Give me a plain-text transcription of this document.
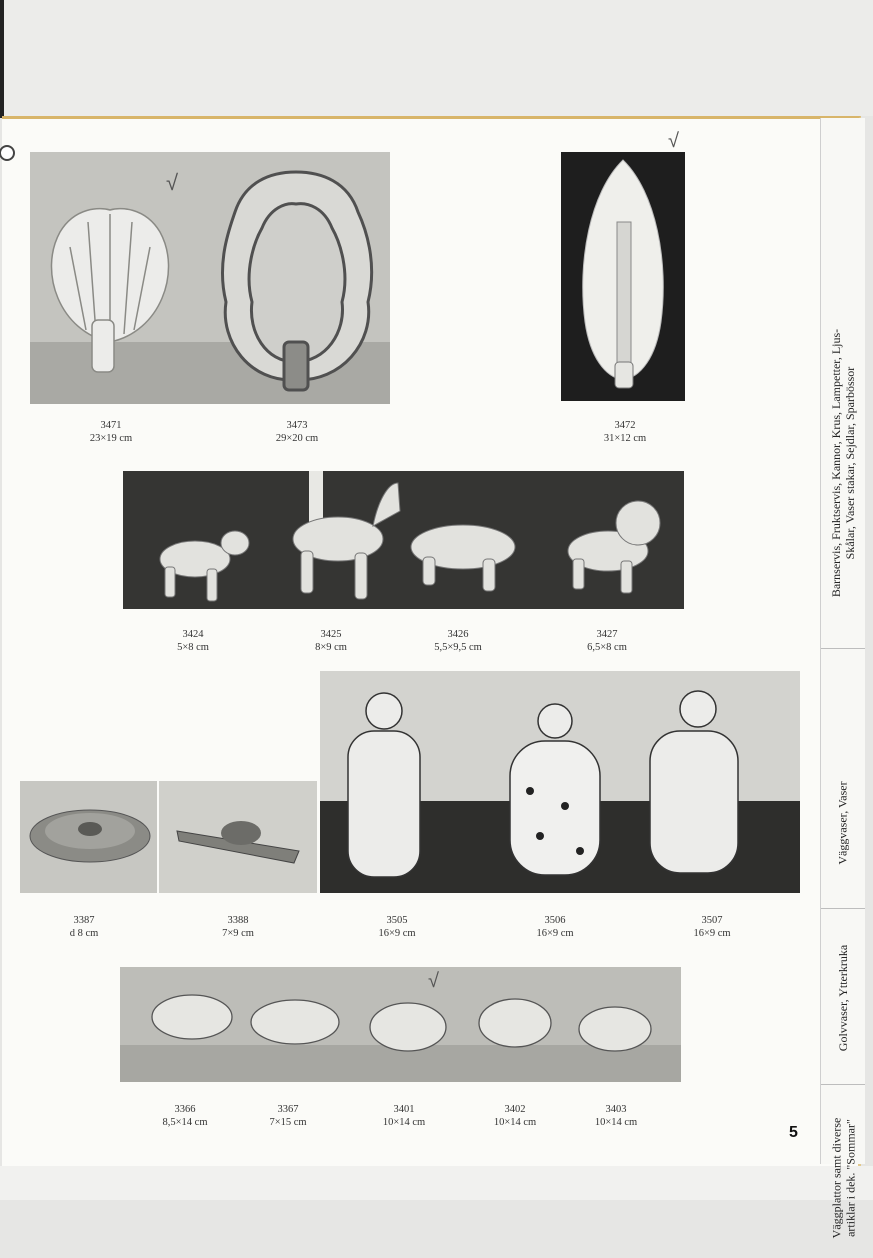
√
√
3471
23×19 cm
3473
29×20 cm
3472
31×12 cm
3424
5×8 cm
3425
8×9 cm
3426
5,5×9,5 cm
3427
6,5×8 cm
3387
d 8 cm
3388
7×9 cm
3505
16×9 cm
3506
16×9 cm
3507
16×9 cm
√
3366
8,5×14 cm
3367
7×15 cm
3401
10×14 cm
3402
10×14 cm
3403
10×14 cm
Barnservis, Fruktservis, Kannor, Krus, Lampetter, Ljus- Skålar, Vaser stakar, Sejdlar, Sparbössor
Väggvaser, Vaser
Golvvaser, Ytterkruka
Väggplattor samt diverse artiklar i dek. "Sommar"
5
